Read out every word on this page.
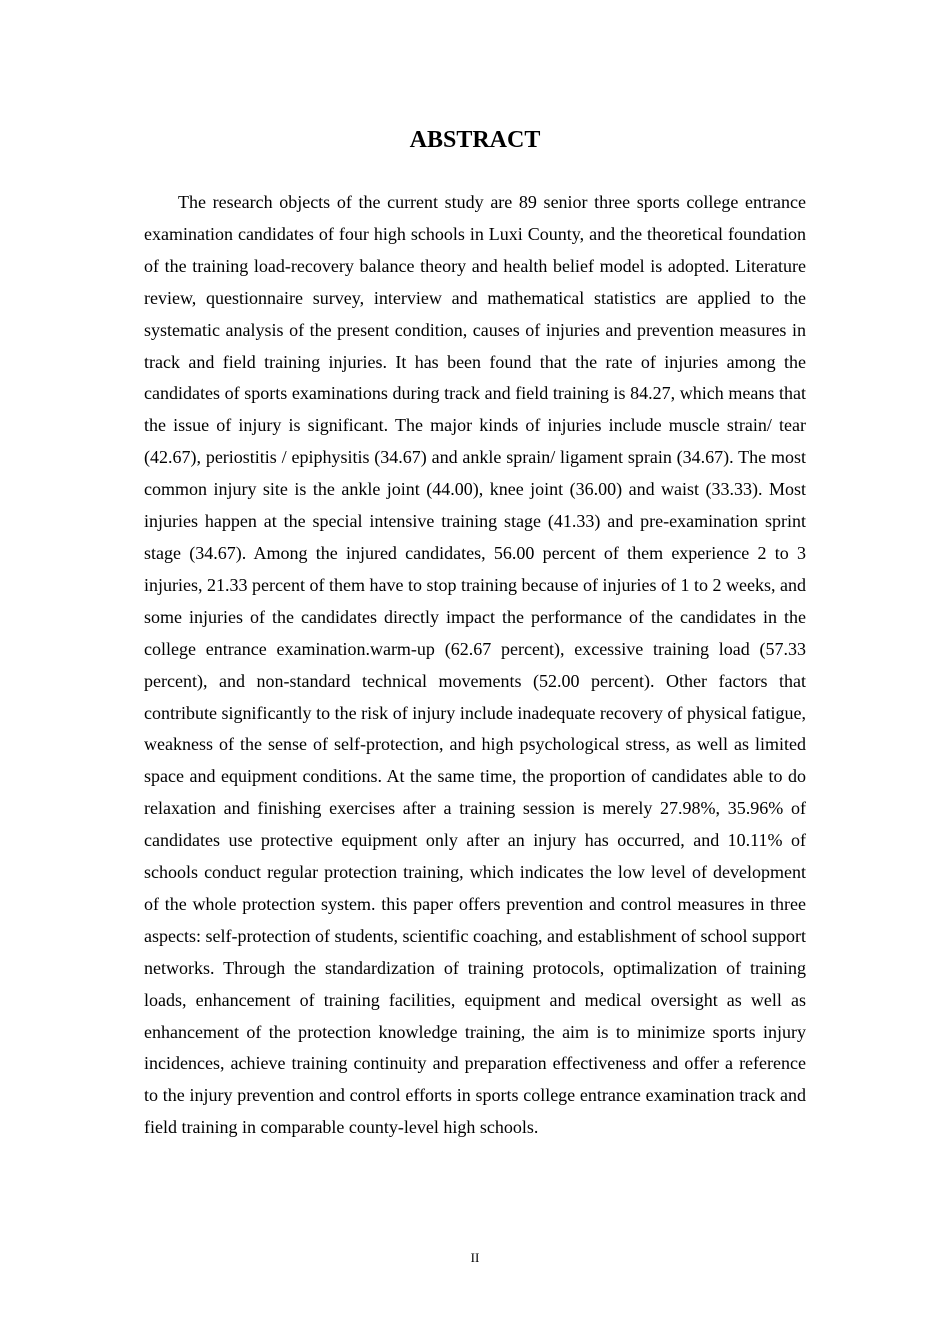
ABSTRACT

The research objects of the current study are 89 senior three sports college entrance examination candidates of four high schools in Luxi County, and the theoretical foundation of the training load-recovery balance theory and health belief model is adopted. Literature review, questionnaire survey, interview and mathematical statistics are applied to the systematic analysis of the present condition, causes of injuries and prevention measures in track and field training injuries. It has been found that the rate of injuries among the candidates of sports examinations during track and field training is 84.27, which means that the issue of injury is significant. The major kinds of injuries include muscle strain/ tear (42.67), periostitis / epiphysitis (34.67) and ankle sprain/ ligament sprain (34.67). The most common injury site is the ankle joint (44.00), knee joint (36.00) and waist (33.33). Most injuries happen at the special intensive training stage (41.33) and pre-examination sprint stage (34.67). Among the injured candidates, 56.00 percent of them experience 2 to 3 injuries, 21.33 percent of them have to stop training because of injuries of 1 to 2 weeks, and some injuries of the candidates directly impact the performance of the candidates in the college entrance examination.warm-up (62.67 percent), excessive training load (57.33 percent), and non-standard technical movements (52.00 percent). Other factors that contribute significantly to the risk of injury include inadequate recovery of physical fatigue, weakness of the sense of self-protection, and high psychological stress, as well as limited space and equipment conditions. At the same time, the proportion of candidates able to do relaxation and finishing exercises after a training session is merely 27.98%, 35.96% of candidates use protective equipment only after an injury has occurred, and 10.11% of schools conduct regular protection training, which indicates the low level of development of the whole protection system. this paper offers prevention and control measures in three aspects: self-protection of students, scientific coaching, and establishment of school support networks. Through the standardization of training protocols, optimalization of training loads, enhancement of training facilities, equipment and medical oversight as well as enhancement of the protection knowledge training, the aim is to minimize sports injury incidences, achieve training continuity and preparation effectiveness and offer a reference to the injury prevention and control efforts in sports college entrance examination track and field training in comparable county-level high schools.

II
